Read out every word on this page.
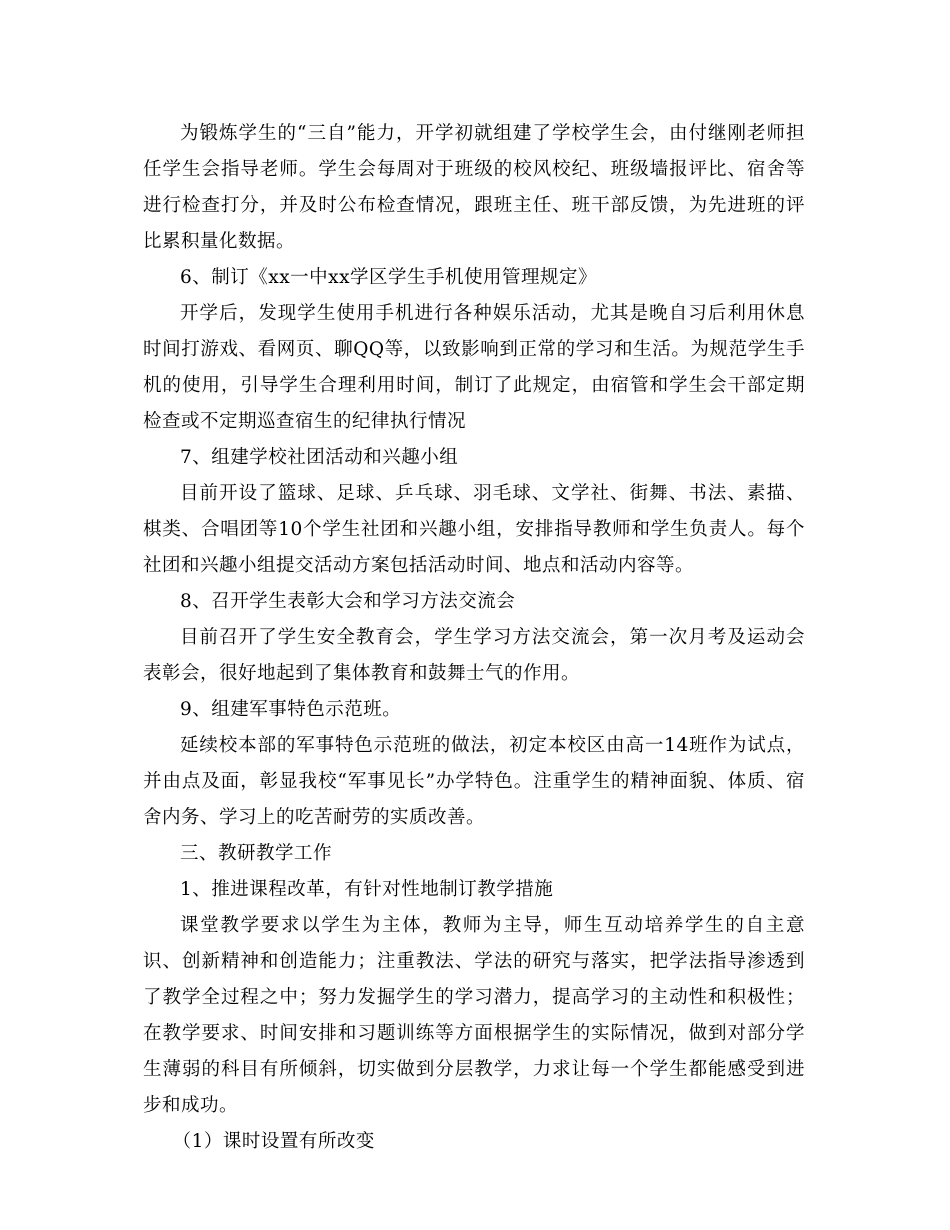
为锻炼学生的“三自”能力，开学初就组建了学校学生会，由付继刚老师担任学生会指导老师。学生会每周对于班级的校风校纪、班级墙报评比、宿舍等进行检查打分，并及时公布检查情况，跟班主任、班干部反馈，为先进班的评比累积量化数据。

6、制订《xx一中xx学区学生手机使用管理规定》

开学后，发现学生使用手机进行各种娱乐活动，尤其是晚自习后利用休息时间打游戏、看网页、聊QQ等，以致影响到正常的学习和生活。为规范学生手机的使用，引导学生合理利用时间，制订了此规定，由宿管和学生会干部定期检查或不定期巡查宿生的纪律执行情况

7、组建学校社团活动和兴趣小组

目前开设了篮球、足球、乒乓球、羽毛球、文学社、街舞、书法、素描、棋类、合唱团等10个学生社团和兴趣小组，安排指导教师和学生负责人。每个社团和兴趣小组提交活动方案包括活动时间、地点和活动内容等。

8、召开学生表彰大会和学习方法交流会

目前召开了学生安全教育会，学生学习方法交流会，第一次月考及运动会表彰会，很好地起到了集体教育和鼓舞士气的作用。

9、组建军事特色示范班。

延续校本部的军事特色示范班的做法，初定本校区由高一14班作为试点，并由点及面，彰显我校“军事见长”办学特色。注重学生的精神面貌、体质、宿舍内务、学习上的吃苦耐劳的实质改善。

三、教研教学工作

1、推进课程改革，有针对性地制订教学措施

课堂教学要求以学生为主体，教师为主导，师生互动培养学生的自主意识、创新精神和创造能力；注重教法、学法的研究与落实，把学法指导渗透到了教学全过程之中；努力发掘学生的学习潜力，提高学习的主动性和积极性；在教学要求、时间安排和习题训练等方面根据学生的实际情况，做到对部分学生薄弱的科目有所倾斜，切实做到分层教学，力求让每一个学生都能感受到进步和成功。

（1）课时设置有所改变
